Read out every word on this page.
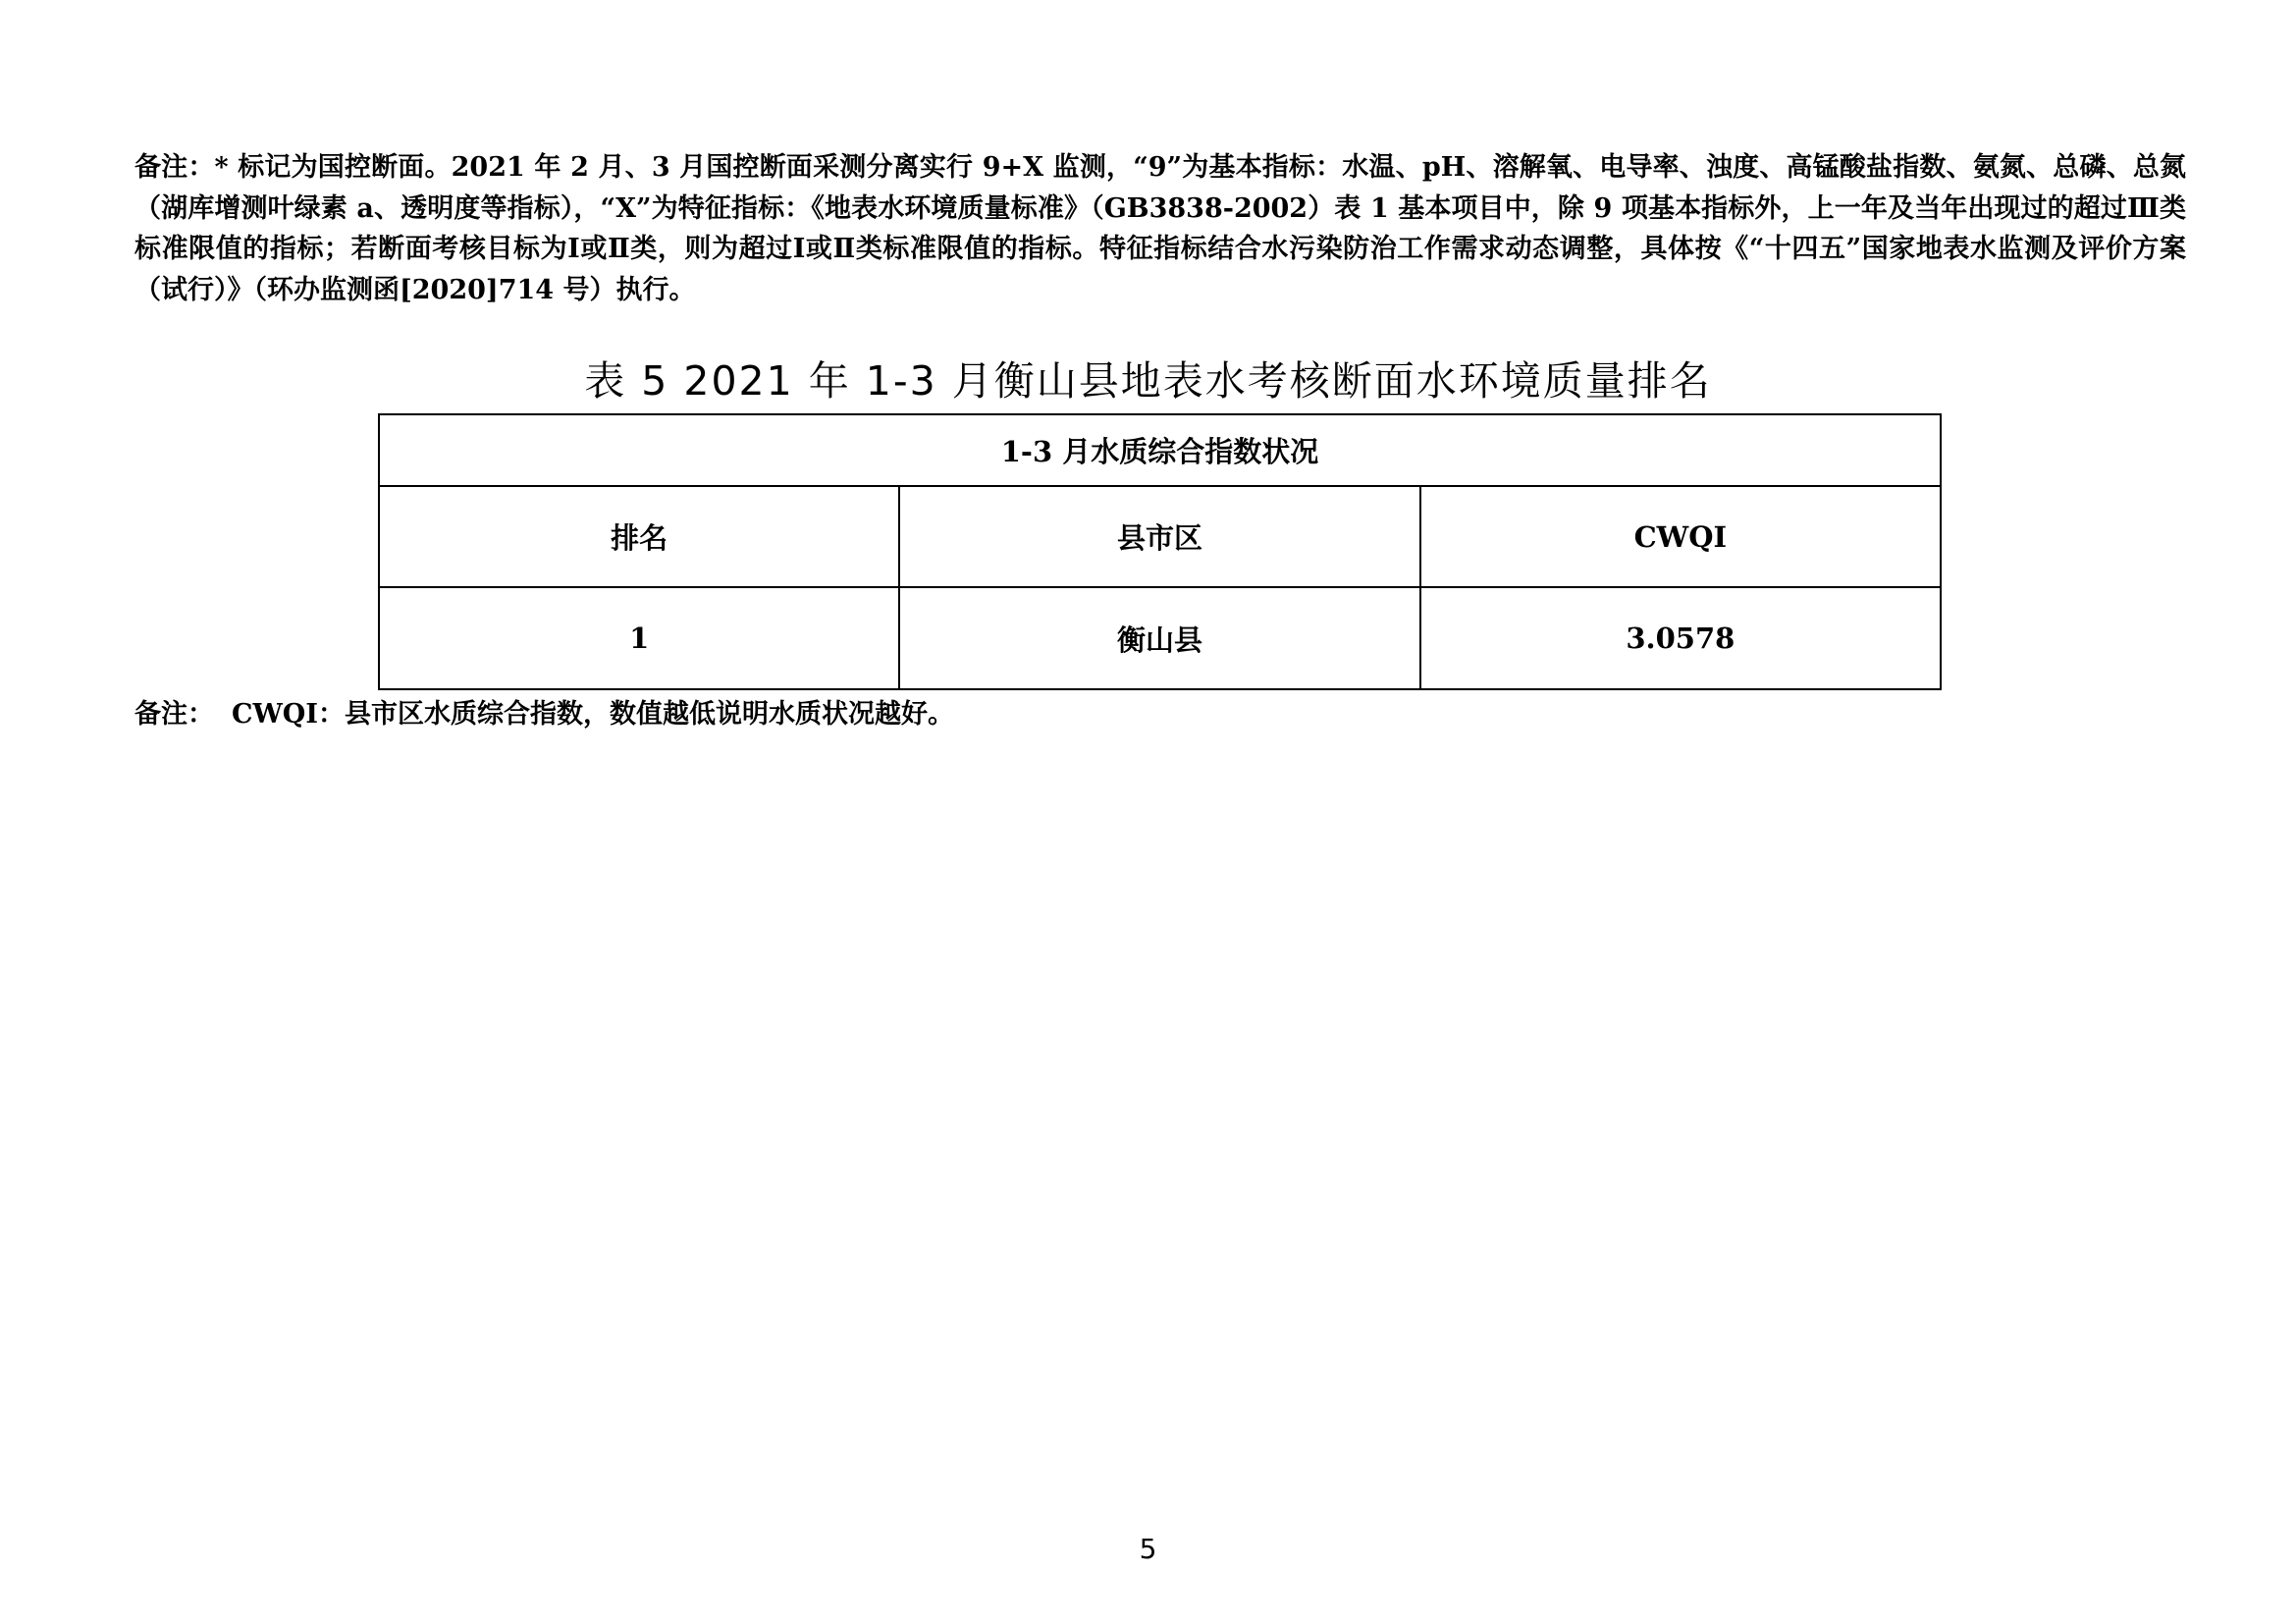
备注：* 标记为国控断面。2021 年 2 月、3 月国控断面采测分离实行 9+X 监测，“9”为基本指标：水温、pH、溶解氧、电导率、浊度、高锰酸盐指数、氨氮、总磷、总氮（湖库增测叶绿素 a、透明度等指标），“X”为特征指标：《地表水环境质量标准》（GB3838-2002）表 1 基本项目中，除 9 项基本指标外，上一年及当年出现过的超过Ⅲ类标准限值的指标；若断面考核目标为Ⅰ或Ⅱ类，则为超过Ⅰ或Ⅱ类标准限值的指标。特征指标结合水污染防治工作需求动态调整，具体按《“十四五”国家地表水监测及评价方案（试行）》（环办监测函[2020]714 号）执行。

表 5 2021 年 1-3 月衡山县地表水考核断面水环境质量排名
1-3 月水质综合指数状况		
排名	县市区	CWQI
1	衡山县	3.0578

备注： CWQI：县市区水质综合指数，数值越低说明水质状况越好。

5
